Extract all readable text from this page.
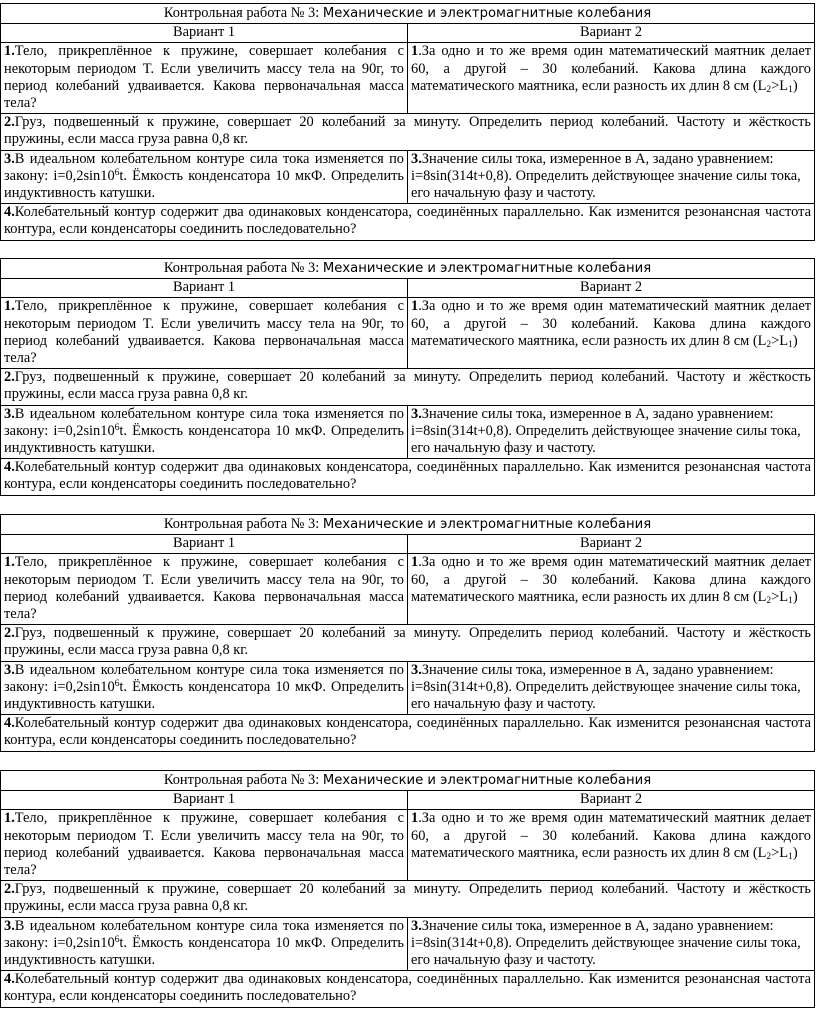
Контрольная работа № 3: Механические и электромагнитные колебания	
Вариант 1	Вариант 2
1.Тело, прикреплённое к пружине, совершает колебания с некоторым периодом T. Если увеличить массу тела на 90г, то период колебаний удваивается. Какова первоначальная масса тела?	1.За одно и то же время один математический маятник делает 60, а другой – 30 колебаний. Какова длина каждого математического маятника, если разность их длин 8 см $(L_2>L_1)$
2.Груз, подвешенный к пружине, совершает 20 колебаний за минуту. Определить период колебаний. Частоту и жёсткость пружины, если масса груза равна 0,8 кг.	
3.В идеальном колебательном контуре сила тока изменяется по закону: $i=0,2\sin 10^6t$. Ёмкость конденсатора 10 мкФ. Определить индуктивность катушки.	3.Значение силы тока, измеренное в А, задано уравнением: i=8sin(314t+0,8). Определить действующее значение силы тока, его начальную фазу и частоту.
4.Колебательный контур содержит два одинаковых конденсатора, соединённых параллельно. Как изменится резонансная частота контура, если конденсаторы соединить последовательно?	
Контрольная работа № 3: Механические и электромагнитные колебания	
Вариант 1	Вариант 2
1.Тело, прикреплённое к пружине, совершает колебания с некоторым периодом T. Если увеличить массу тела на 90г, то период колебаний удваивается. Какова первоначальная масса тела?	1.За одно и то же время один математический маятник делает 60, а другой – 30 колебаний. Какова длина каждого математического маятника, если разность их длин 8 см $(L_2>L_1)$
2.Груз, подвешенный к пружине, совершает 20 колебаний за минуту. Определить период колебаний. Частоту и жёсткость пружины, если масса груза равна 0,8 кг.	
3.В идеальном колебательном контуре сила тока изменяется по закону: $i=0,2\sin 10^6t$. Ёмкость конденсатора 10 мкФ. Определить индуктивность катушки.	3.Значение силы тока, измеренное в А, задано уравнением: i=8sin(314t+0,8). Определить действующее значение силы тока, его начальную фазу и частоту.
4.Колебательный контур содержит два одинаковых конденсатора, соединённых параллельно. Как изменится резонансная частота контура, если конденсаторы соединить последовательно?	
Контрольная работа № 3: Механические и электромагнитные колебания	
Вариант 1	Вариант 2
1.Тело, прикреплённое к пружине, совершает колебания с некоторым периодом T. Если увеличить массу тела на 90г, то период колебаний удваивается. Какова первоначальная масса тела?	1.За одно и то же время один математический маятник делает 60, а другой – 30 колебаний. Какова длина каждого математического маятника, если разность их длин 8 см $(L_2>L_1)$
2.Груз, подвешенный к пружине, совершает 20 колебаний за минуту. Определить период колебаний. Частоту и жёсткость пружины, если масса груза равна 0,8 кг.	
3.В идеальном колебательном контуре сила тока изменяется по закону: $i=0,2\sin 10^6t$. Ёмкость конденсатора 10 мкФ. Определить индуктивность катушки.	3.Значение силы тока, измеренное в А, задано уравнением: i=8sin(314t+0,8). Определить действующее значение силы тока, его начальную фазу и частоту.
4.Колебательный контур содержит два одинаковых конденсатора, соединённых параллельно. Как изменится резонансная частота контура, если конденсаторы соединить последовательно?	
Контрольная работа № 3: Механические и электромагнитные колебания	
Вариант 1	Вариант 2
1.Тело, прикреплённое к пружине, совершает колебания с некоторым периодом T. Если увеличить массу тела на 90г, то период колебаний удваивается. Какова первоначальная масса тела?	1.За одно и то же время один математический маятник делает 60, а другой – 30 колебаний. Какова длина каждого математического маятника, если разность их длин 8 см $(L_2>L_1)$
2.Груз, подвешенный к пружине, совершает 20 колебаний за минуту. Определить период колебаний. Частоту и жёсткость пружины, если масса груза равна 0,8 кг.	
3.В идеальном колебательном контуре сила тока изменяется по закону: $i=0,2\sin 10^6t$. Ёмкость конденсатора 10 мкФ. Определить индуктивность катушки.	3.Значение силы тока, измеренное в А, задано уравнением: i=8sin(314t+0,8). Определить действующее значение силы тока, его начальную фазу и частоту.
4.Колебательный контур содержит два одинаковых конденсатора, соединённых параллельно. Как изменится резонансная частота контура, если конденсаторы соединить последовательно?	
